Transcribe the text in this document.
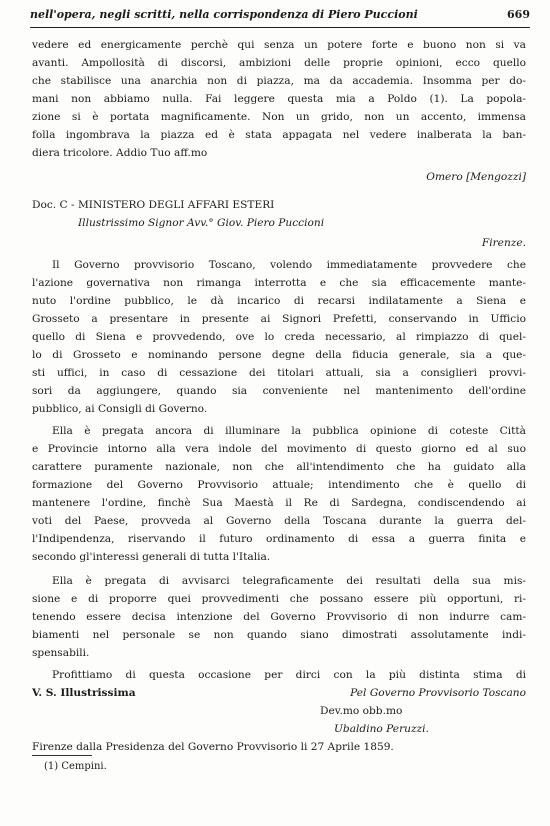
nell'opera, negli scritti, nella corrispondenza di Piero Puccioni	669
vedere ed energicamente perchè qui senza un potere forte e buono non si va
avanti. Ampollosità di discorsi, ambizioni delle proprie opinioni, ecco quello
che stabilisce una anarchia non di piazza, ma da accademia. Insomma per do-
mani non abbiamo nulla. Fai leggere questa mia a Poldo (1). La popola-
zione si è portata magnificamente. Non un grido, non un accento, immensa
folla ingombrava la piazza ed è stata appagata nel vedere inalberata la ban-
diera tricolore. Addio Tuo aff.mo
Omero [Mengozzi]
Doc. C - MINISTERO DEGLI AFFARI ESTERI
Illustrissimo Signor Avv.° Giov. Piero Puccioni
Firenze.
Il Governo provvisorio Toscano, volendo immediatamente provvedere che
l'azione governativa non rimanga interrotta e che sia efficacemente mante-
nuto l'ordine pubblico, le dà incarico di recarsi indilatamente a Siena e
Grosseto a presentare in presente ai Signori Prefetti, conservando in Ufficio
quello di Siena e provvedendo, ove lo creda necessario, al rimpiazzo di quel-
lo di Grosseto e nominando persone degne della fiducia generale, sia a que-
sti uffici, in caso di cessazione dei titolari attuali, sia a consiglieri provvi-
sori da aggiungere, quando sia conveniente nel mantenimento dell'ordine
pubblico, ai Consigli di Governo.
Ella è pregata ancora di illuminare la pubblica opinione di coteste Città
e Provincie intorno alla vera indole del movimento di questo giorno ed al suo
carattere puramente nazionale, non che all'intendimento che ha guidato alla
formazione del Governo Provvisorio attuale; intendimento che è quello di
mantenere l'ordine, finchè Sua Maestà il Re di Sardegna, condiscendendo ai
voti del Paese, provveda al Governo della Toscana durante la guerra del-
l'Indipendenza, riservando il futuro ordinamento di essa a guerra finita e
secondo gl'interessi generali di tutta l'Italia.
Ella è pregata di avvisarci telegraficamente dei resultati della sua mis-
sione e di proporre quei provvedimenti che possano essere più opportuni, ri-
tenendo essere decisa intenzione del Governo Provvisorio di non indurre cam-
biamenti nel personale se non quando siano dimostrati assolutamente indi-
spensabili.
Profittiamo di questa occasione per dirci con la più distinta stima di
V. S. Illustrissima	Pel Governo Provvisorio Toscano
Dev.mo obb.mo
Ubaldino Peruzzi.
Firenze dalla Presidenza del Governo Provvisorio li 27 Aprile 1859.
(1) Cempini.
